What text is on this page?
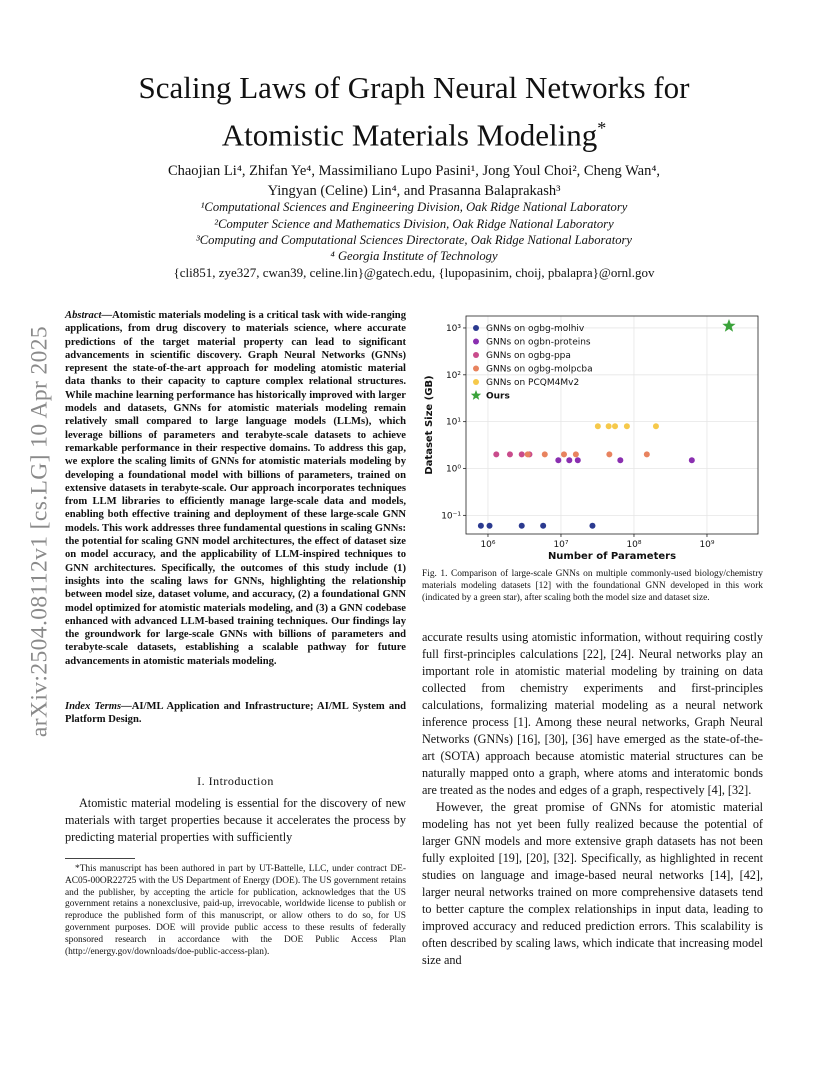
arXiv:2504.08112v1 [cs.LG] 10 Apr 2025
Scaling Laws of Graph Neural Networks for
Atomistic Materials Modeling*
Chaojian Li⁴, Zhifan Ye⁴, Massimiliano Lupo Pasini¹, Jong Youl Choi², Cheng Wan⁴,
Yingyan (Celine) Lin⁴, and Prasanna Balaprakash³
¹Computational Sciences and Engineering Division, Oak Ridge National Laboratory
²Computer Science and Mathematics Division, Oak Ridge National Laboratory
³Computing and Computational Sciences Directorate, Oak Ridge National Laboratory
⁴ Georgia Institute of Technology
{cli851, zye327, cwan39, celine.lin}@gatech.edu, {lupopasinim, choij, pbalapra}@ornl.gov
Abstract—Atomistic materials modeling is a critical task with wide-ranging applications, from drug discovery to materials science, where accurate predictions of the target material property can lead to significant advancements in scientific discovery. Graph Neural Networks (GNNs) represent the state-of-the-art approach for modeling atomistic material data thanks to their capacity to capture complex relational structures. While machine learning performance has historically improved with larger models and datasets, GNNs for atomistic materials modeling remain relatively small compared to large language models (LLMs), which leverage billions of parameters and terabyte-scale datasets to achieve remarkable performance in their respective domains. To address this gap, we explore the scaling limits of GNNs for atomistic materials modeling by developing a foundational model with billions of parameters, trained on extensive datasets in terabyte-scale. Our approach incorporates techniques from LLM libraries to efficiently manage large-scale data and models, enabling both effective training and deployment of these large-scale GNN models. This work addresses three fundamental questions in scaling GNNs: the potential for scaling GNN model architectures, the effect of dataset size on model accuracy, and the applicability of LLM-inspired techniques to GNN architectures. Specifically, the outcomes of this study include (1) insights into the scaling laws for GNNs, highlighting the relationship between model size, dataset volume, and accuracy, (2) a foundational GNN model optimized for atomistic materials modeling, and (3) a GNN codebase enhanced with advanced LLM-based training techniques. Our findings lay the groundwork for large-scale GNNs with billions of parameters and terabyte-scale datasets, establishing a scalable pathway for future advancements in atomistic materials modeling.
Index Terms—AI/ML Application and Infrastructure; AI/ML System and Platform Design.
I. Introduction
Atomistic material modeling is essential for the discovery of new materials with target properties because it accelerates the process by predicting material properties with sufficiently
*This manuscript has been authored in part by UT-Battelle, LLC, under contract DE-AC05-00OR22725 with the US Department of Energy (DOE). The US government retains and the publisher, by accepting the article for publication, acknowledges that the US government retains a nonexclusive, paid-up, irrevocable, worldwide license to publish or reproduce the published form of this manuscript, or allow others to do so, for US government purposes. DOE will provide public access to these results of federally sponsored research in accordance with the DOE Public Access Plan (http://energy.gov/downloads/doe-public-access-plan).
10⁶	10⁷	10⁸	10⁹
10⁻¹
10⁰
10¹
10²
10³	GNNs on ogbg-molhiv
GNNs on ogbn-proteins
GNNs on ogbg-ppa
GNNs on ogbg-molpcba
GNNs on PCQM4Mv2
Ours
Number of Parameters
Dataset Size (GB)
Fig. 1. Comparison of large-scale GNNs on multiple commonly-used biology/chemistry materials modeling datasets [12] with the foundational GNN developed in this work (indicated by a green star), after scaling both the model size and dataset size.

accurate results using atomistic information, without requiring costly full first-principles calculations [22], [24]. Neural networks play an important role in atomistic material modeling by training on data collected from chemistry experiments and first-principles calculations, formalizing material modeling as a neural network inference process [1]. Among these neural networks, Graph Neural Networks (GNNs) [16], [30], [36] have emerged as the state-of-the-art (SOTA) approach because atomistic material structures can be naturally mapped onto a graph, where atoms and interatomic bonds are treated as the nodes and edges of a graph, respectively [4], [32].

However, the great promise of GNNs for atomistic material modeling has not yet been fully realized because the potential of larger GNN models and more extensive graph datasets has not been fully exploited [19], [20], [32]. Specifically, as highlighted in recent studies on language and image-based neural networks [14], [42], larger neural networks trained on more comprehensive datasets tend to better capture the complex relationships in input data, leading to improved accuracy and reduced prediction errors. This scalability is often described by scaling laws, which indicate that increasing model size and
